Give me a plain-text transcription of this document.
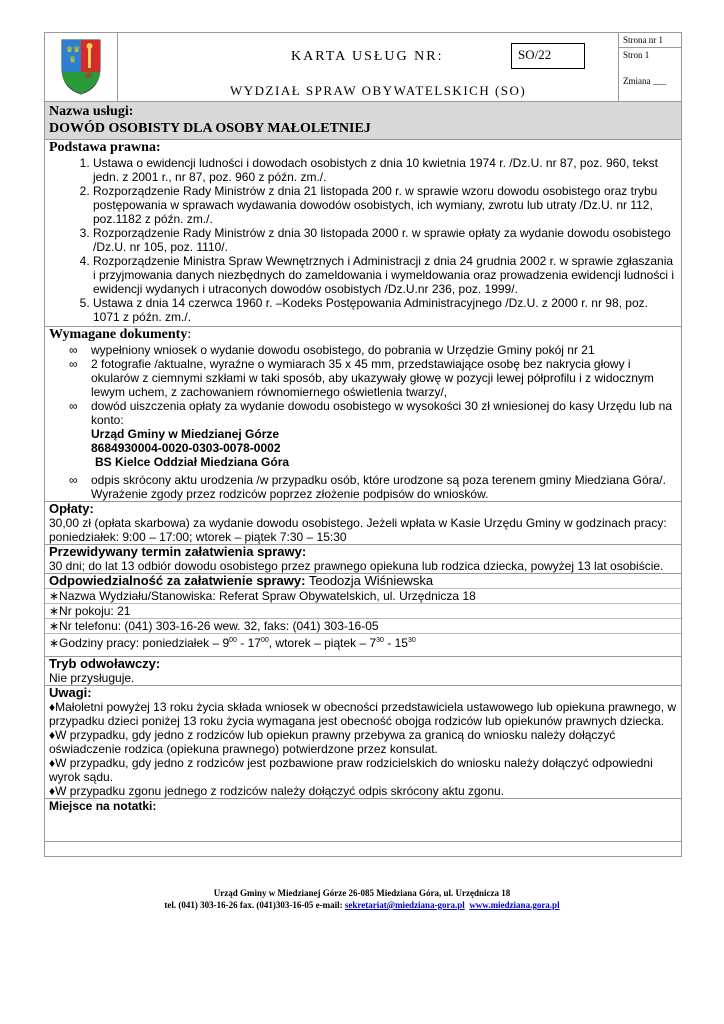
♛♛
♛	KARTA USŁUG NR:	SO/22
WYDZIAŁ SPRAW OBYWATELSKICH (SO)
Strona nr 1
Stron 1
Zmiana ___
Nazwa usługi:
DOWÓD OSOBISTY DLA OSOBY MAŁOLETNIEJ
Podstawa prawna:
1. Ustawa o ewidencji ludności i dowodach osobistych z dnia 10 kwietnia 1974 r. /Dz.U. nr 87, poz. 960, tekst jedn. z 2001 r., nr 87, poz. 960 z późn. zm./.
2. Rozporządzenie Rady Ministrów z dnia 21 listopada 200 r. w sprawie wzoru dowodu osobistego oraz trybu postępowania w sprawach wydawania dowodów osobistych, ich wymiany, zwrotu lub utraty /Dz.U. nr 112, poz.1182 z późn. zm./.
3. Rozporządzenie Rady Ministrów z dnia 30 listopada 2000 r. w sprawie opłaty za wydanie dowodu osobistego /Dz.U. nr 105, poz. 1110/.
4. Rozporządzenie Ministra Spraw Wewnętrznych i Administracji z dnia 24 grudnia 2002 r. w sprawie zgłaszania i przyjmowania danych niezbędnych do zameldowania i wymeldowania oraz prowadzenia ewidencji ludności i ewidencji wydanych i utraconych dowodów osobistych /Dz.U.nr 236, poz. 1999/.
5. Ustawa z dnia 14 czerwca 1960 r. –Kodeks Postępowania Administracyjnego /Dz.U. z 2000 r. nr 98, poz. 1071 z późn. zm./.
Wymagane dokumenty:
∞ wypełniony wniosek o wydanie dowodu osobistego, do pobrania w Urzędzie Gminy pokój nr 21
∞ 2 fotografie /aktualne, wyraźne o wymiarach 35 x 45 mm, przedstawiające osobę bez nakrycia głowy i okularów z ciemnymi szkłami w taki sposób, aby ukazywały głowę w pozycji lewej półprofilu i z widocznym lewym uchem, z zachowaniem równomiernego oświetlenia twarzy/,
∞ dowód uiszczenia opłaty za wydanie dowodu osobistego w wysokości 30 zł wniesionej do kasy Urzędu lub na konto:
Urząd Gminy w Miedzianej Górze
8684930004-0020-0303-0078-0002
BS Kielce Oddział Miedziana Góra
∞ odpis skrócony aktu urodzenia /w przypadku osób, które urodzone są poza terenem gminy Miedziana Góra/. Wyrażenie zgody przez rodziców poprzez złożenie podpisów do wniosków.
Opłaty:
30,00 zł (opłata skarbowa) za wydanie dowodu osobistego. Jeżeli wpłata w Kasie Urzędu Gminy w godzinach pracy: poniedziałek: 9:00 – 17:00; wtorek – piątek 7:30 – 15:30
Przewidywany termin załatwienia sprawy:
30 dni; do lat 13 odbiór dowodu osobistego przez prawnego opiekuna lub rodzica dziecka, powyżej 13 lat osobiście.
Odpowiedzialność za załatwienie sprawy: Teodozja Wiśniewska
∗Nazwa Wydziału/Stanowiska: Referat Spraw Obywatelskich, ul. Urzędnicza 18
∗Nr pokoju: 21
∗Nr telefonu: (041) 303-16-26 wew. 32, faks: (041) 303-16-05
∗Godziny pracy: poniedziałek – $9^{00} - 17^{00}$, wtorek – piątek – $7^{30} - 15^{30}$
Tryb odwoławczy:
Nie przysługuje.
Uwagi:
♦Małoletni powyżej 13 roku życia składa wniosek w obecności przedstawiciela ustawowego lub opiekuna prawnego, w przypadku dzieci poniżej 13 roku życia wymagana jest obecność obojga rodziców lub opiekunów prawnych dziecka.
♦W przypadku, gdy jedno z rodziców lub opiekun prawny przebywa za granicą do wniosku należy dołączyć oświadczenie rodzica (opiekuna prawnego) potwierdzone przez konsulat.
♦W przypadku, gdy jedno z rodziców jest pozbawione praw rodzicielskich do wniosku należy dołączyć odpowiedni wyrok sądu.
♦W przypadku zgonu jednego z rodziców należy dołączyć odpis skrócony aktu zgonu.
Miejsce na notatki:
Urząd Gminy w Miedzianej Górze 26-085 Miedziana Góra, ul. Urzędnicza 18
tel. (041) 303-16-26 fax. (041)303-16-05 e-mail: sekretariat@miedziana-gora.pl www.miedziana.gora.pl
